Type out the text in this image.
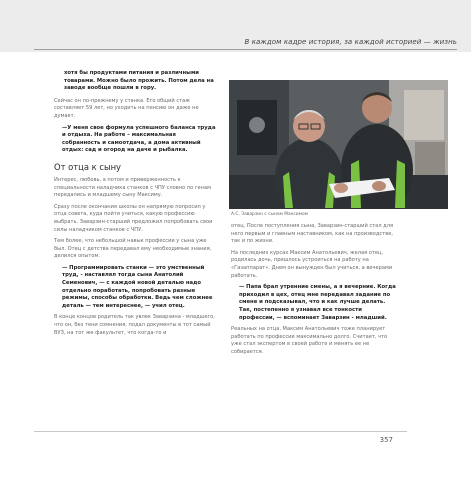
В каждом кадре история, за каждой историей — жизнь

хотя бы продуктами питания и различными товарами. Можно было прожить. Потом дела на заводе вообще пошли в гору.

Сейчас он по-прежнему у станка. Его общий стаж составляет 59 лет, но уходить на пенсию он даже не думает.

—У меня свое формула успешного баланса труда и отдыха. На работе – максимальная собранность и самоотдача, а дома активный отдых: сад и огород на даче и рыбалка.

От отца к сыну

Интерес, любовь, а потом и приверженность к специальности наладчика станков с ЧПУ словно по генам передались и младшему сыну Максиму.

Сразу после окончания школы он напрямую попросил у отца совета, куда пойти учиться, какую профессию выбрать. Заварзин-старший предложил попробовать свои силы наладчиком станков с ЧПУ.

Тем более, что небольшой навык профессии у сына уже был. Отец с детства передавал ему необходимые знания, делился опытом.

— Программировать станки — это умственный труд, - наставлял тогда сына Анатолий Семенович, — с каждой новой деталью надо отдельно поработать, попробовать разные режимы, способы обработки. Ведь чем сложнее деталь — тем интереснее, — учил отец.

В конце концов родитель так увлек Заварзина - младшего, что он, без тени сомнения, подал документы в тот самый ВУЗ, на тот же факультет, что когда-то и

А.С. Заварзин с сыном Максимом

отец. После поступления сына, Заварзин-старший стал для него первым и главным наставником, как на производстве, так и по жизни.

На последних курсах Максим Анатольевич, желая отец, родилась дочь, пришлось устроиться на работу на «Газаппарат». Днем он вынужден был учиться, а вечерами работать.

— Папа брал утренние смены, а я вечерние. Когда приходил в цех, отец мне передавал задание по смене и подсказывал, что и как лучше делать. Так, постепенно я узнавал все тонкости профессии, — вспоминает Заварзин - младший.

Реальных на отца, Максим Анатольевич тоже планирует работать по профессии максимально долго. Считает, что уже стал экспертом в своей работе и менять ее не собирается.

357
